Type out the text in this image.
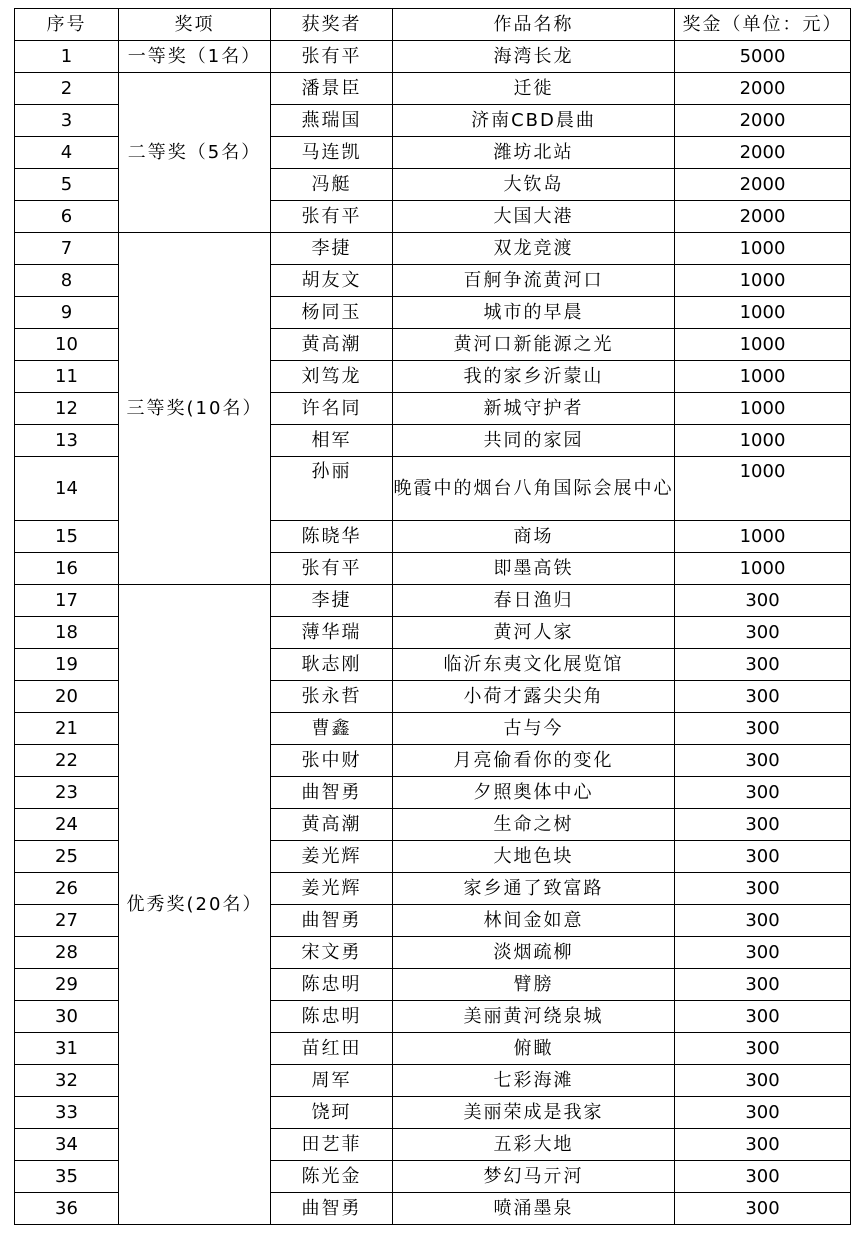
序号	奖项	获奖者	作品名称	奖金（单位：元）
1	一等奖（1名）	张有平	海湾长龙	5000
2	二等奖（5名）	潘景臣	迁徙	2000
3		燕瑞国	济南CBD晨曲	2000
4		马连凯	潍坊北站	2000
5		冯艇	大钦岛	2000
6		张有平	大国大港	2000
7	三等奖(10名）	李捷	双龙竞渡	1000
8		胡友文	百舸争流黄河口	1000
9		杨同玉	城市的早晨	1000
10		黄高潮	黄河口新能源之光	1000
11		刘笃龙	我的家乡沂蒙山	1000
12		许名同	新城守护者	1000
13		相军	共同的家园	1000
14		孙丽	晚霞中的烟台八角国际会展中心	1000
15		陈晓华	商场	1000
16		张有平	即墨高铁	1000
17	优秀奖(20名）	李捷	春日渔归	300
18		薄华瑞	黄河人家	300
19		耿志刚	临沂东夷文化展览馆	300
20		张永哲	小荷才露尖尖角	300
21		曹鑫	古与今	300
22		张中财	月亮偷看你的变化	300
23		曲智勇	夕照奥体中心	300
24		黄高潮	生命之树	300
25		姜光辉	大地色块	300
26		姜光辉	家乡通了致富路	300
27		曲智勇	林间金如意	300
28		宋文勇	淡烟疏柳	300
29		陈忠明	臂膀	300
30		陈忠明	美丽黄河绕泉城	300
31		苗红田	俯瞰	300
32		周军	七彩海滩	300
33		饶珂	美丽荣成是我家	300
34		田艺菲	五彩大地	300
35		陈光金	梦幻马亓河	300
36		曲智勇	喷涌墨泉	300
